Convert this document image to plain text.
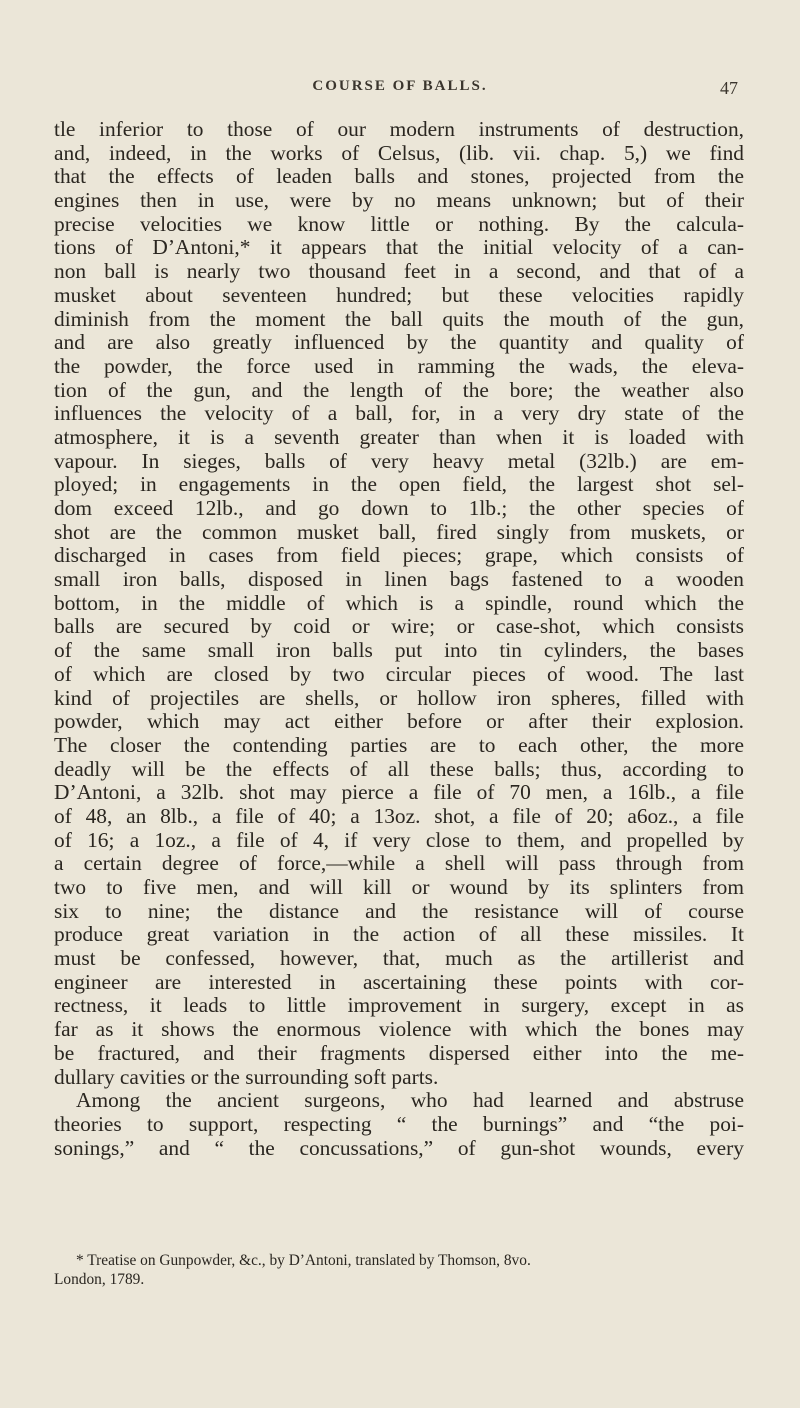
COURSE OF BALLS.	47
tle inferior to those of our modern instruments of destruction,
and, indeed, in the works of Celsus, (lib. vii. chap. 5,) we find
that the effects of leaden balls and stones, projected from the
engines then in use, were by no means unknown; but of their
precise velocities we know little or nothing. By the calcula-
tions of D’Antoni,* it appears that the initial velocity of a can-
non ball is nearly two thousand feet in a second, and that of a
musket about seventeen hundred; but these velocities rapidly
diminish from the moment the ball quits the mouth of the gun,
and are also greatly influenced by the quantity and quality of
the powder, the force used in ramming the wads, the eleva-
tion of the gun, and the length of the bore; the weather also
influences the velocity of a ball, for, in a very dry state of the
atmosphere, it is a seventh greater than when it is loaded with
vapour. In sieges, balls of very heavy metal (32lb.) are em-
ployed; in engagements in the open field, the largest shot sel-
dom exceed 12lb., and go down to 1lb.; the other species of
shot are the common musket ball, fired singly from muskets, or
discharged in cases from field pieces; grape, which consists of
small iron balls, disposed in linen bags fastened to a wooden
bottom, in the middle of which is a spindle, round which the
balls are secured by coid or wire; or case-shot, which consists
of the same small iron balls put into tin cylinders, the bases
of which are closed by two circular pieces of wood. The last
kind of projectiles are shells, or hollow iron spheres, filled with
powder, which may act either before or after their explosion.
The closer the contending parties are to each other, the more
deadly will be the effects of all these balls; thus, according to
D’Antoni, a 32lb. shot may pierce a file of 70 men, a 16lb., a file
of 48, an 8lb., a file of 40; a 13oz. shot, a file of 20; a6oz., a file
of 16; a 1oz., a file of 4, if very close to them, and propelled by
a certain degree of force,—while a shell will pass through from
two to five men, and will kill or wound by its splinters from
six to nine; the distance and the resistance will of course
produce great variation in the action of all these missiles. It
must be confessed, however, that, much as the artillerist and
engineer are interested in ascertaining these points with cor-
rectness, it leads to little improvement in surgery, except in as
far as it shows the enormous violence with which the bones may
be fractured, and their fragments dispersed either into the me-
dullary cavities or the surrounding soft parts.
Among the ancient surgeons, who had learned and abstruse
theories to support, respecting “ the burnings” and “the poi-
sonings,” and “ the concussations,” of gun-shot wounds, every
* Treatise on Gunpowder, &c., by D’Antoni, translated by Thomson, 8vo.
London, 1789.
